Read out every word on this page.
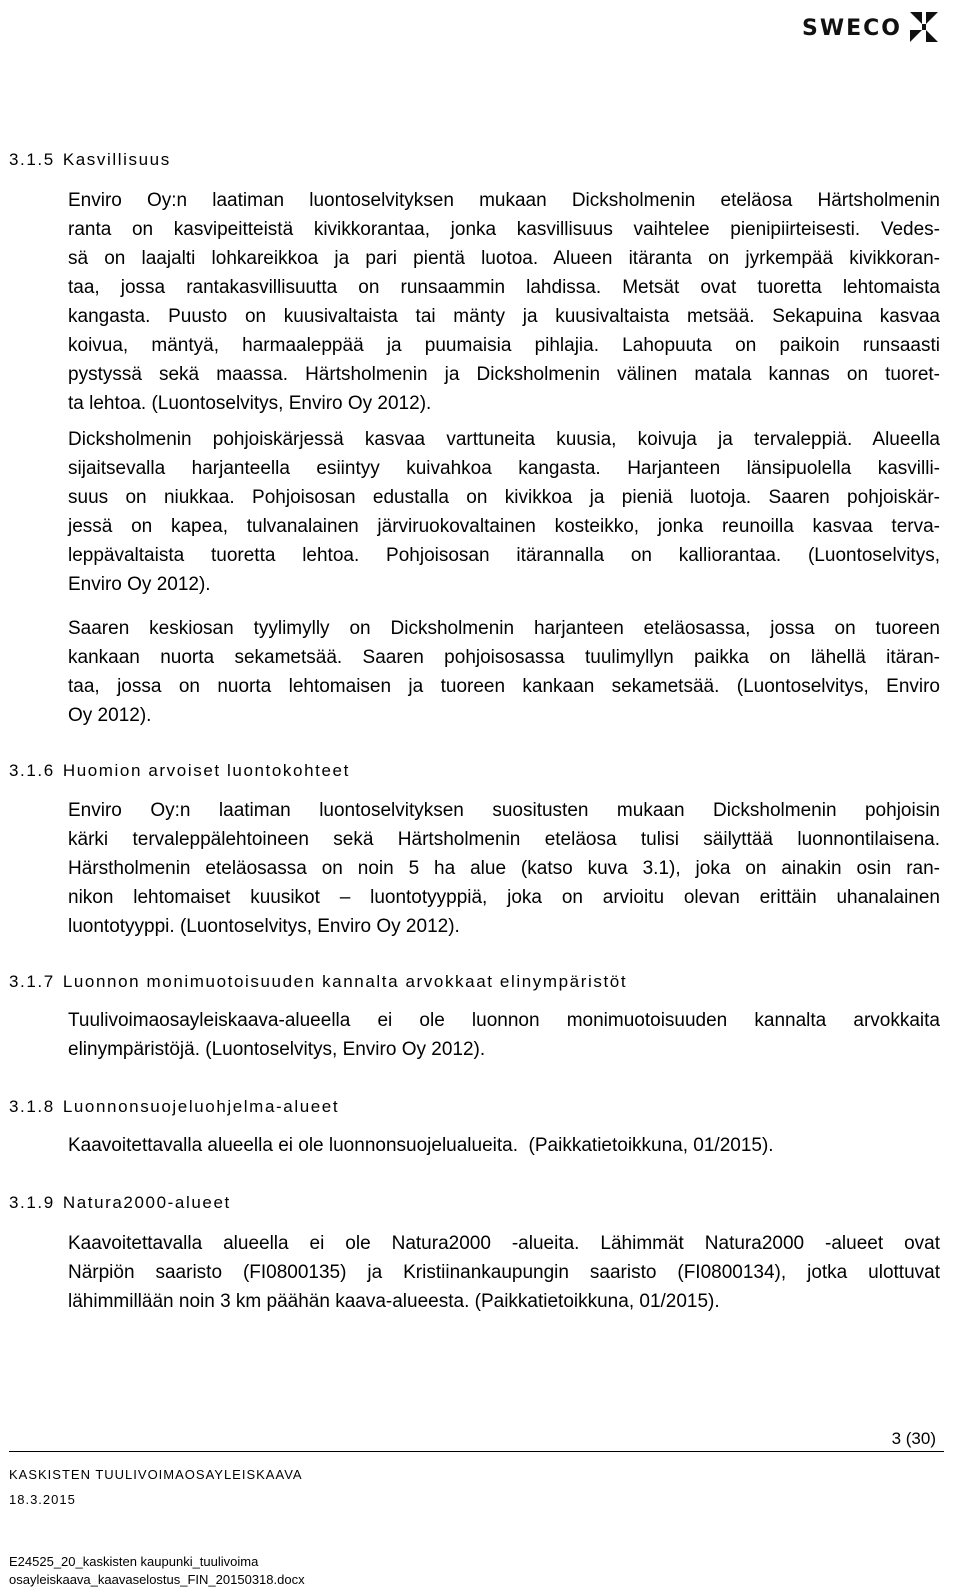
SWECO
3.1.5 Kasvillisuus
Enviro Oy:n laatiman luontoselvityksen mukaan Dicksholmenin eteläosa Härtsholmenin
ranta on kasvipeitteistä kivikkorantaa, jonka kasvillisuus vaihtelee pienipiirteisesti. Vedes-
sä on laajalti lohkareikkoa ja pari pientä luotoa. Alueen itäranta on jyrkempää kivikkoran-
taa, jossa rantakasvillisuutta on runsaammin lahdissa. Metsät ovat tuoretta lehtomaista
kangasta. Puusto on kuusivaltaista tai mänty ja kuusivaltaista metsää. Sekapuina kasvaa
koivua, mäntyä, harmaaleppää ja puumaisia pihlajia. Lahopuuta on paikoin runsaasti
pystyssä sekä maassa. Härtsholmenin ja Dicksholmenin välinen matala kannas on tuoret-
ta lehtoa. (Luontoselvitys, Enviro Oy 2012).
Dicksholmenin pohjoiskärjessä kasvaa varttuneita kuusia, koivuja ja tervaleppiä. Alueella
sijaitsevalla harjanteella esiintyy kuivahkoa kangasta. Harjanteen länsipuolella kasvilli-
suus on niukkaa. Pohjoisosan edustalla on kivikkoa ja pieniä luotoja. Saaren pohjoiskär-
jessä on kapea, tulvanalainen järviruokovaltainen kosteikko, jonka reunoilla kasvaa terva-
leppävaltaista tuoretta lehtoa. Pohjoisosan itärannalla on kalliorantaa. (Luontoselvitys,
Enviro Oy 2012).
Saaren keskiosan tyylimylly on Dicksholmenin harjanteen eteläosassa, jossa on tuoreen
kankaan nuorta sekametsää. Saaren pohjoisosassa tuulimyllyn paikka on lähellä itäran-
taa, jossa on nuorta lehtomaisen ja tuoreen kankaan sekametsää. (Luontoselvitys, Enviro
Oy 2012).
3.1.6 Huomion arvoiset luontokohteet
Enviro Oy:n laatiman luontoselvityksen suositusten mukaan Dicksholmenin pohjoisin
kärki tervaleppälehtoineen sekä Härtsholmenin eteläosa tulisi säilyttää luonnontilaisena.
Härstholmenin eteläosassa on noin 5 ha alue (katso kuva 3.1), joka on ainakin osin ran-
nikon lehtomaiset kuusikot – luontotyyppiä, joka on arvioitu olevan erittäin uhanalainen
luontotyyppi. (Luontoselvitys, Enviro Oy 2012).
3.1.7 Luonnon monimuotoisuuden kannalta arvokkaat elinympäristöt
Tuulivoimaosayleiskaava-alueella ei ole luonnon monimuotoisuuden kannalta arvokkaita
elinympäristöjä. (Luontoselvitys, Enviro Oy 2012).
3.1.8 Luonnonsuojeluohjelma-alueet
Kaavoitettavalla alueella ei ole luonnonsuojelualueita.  (Paikkatietoikkuna, 01/2015).
3.1.9 Natura2000-alueet
Kaavoitettavalla alueella ei ole Natura2000 -alueita. Lähimmät Natura2000 -alueet ovat
Närpiön saaristo (FI0800135) ja Kristiinankaupungin saaristo (FI0800134), jotka ulottuvat
lähimmillään noin 3 km päähän kaava-alueesta. (Paikkatietoikkuna, 01/2015).
3 (30)
KASKISTEN TUULIVOIMAOSAYLEISKAAVA
18.3.2015
E24525_20_kaskisten kaupunki_tuulivoima
osayleiskaava_kaavaselostus_FIN_20150318.docx
